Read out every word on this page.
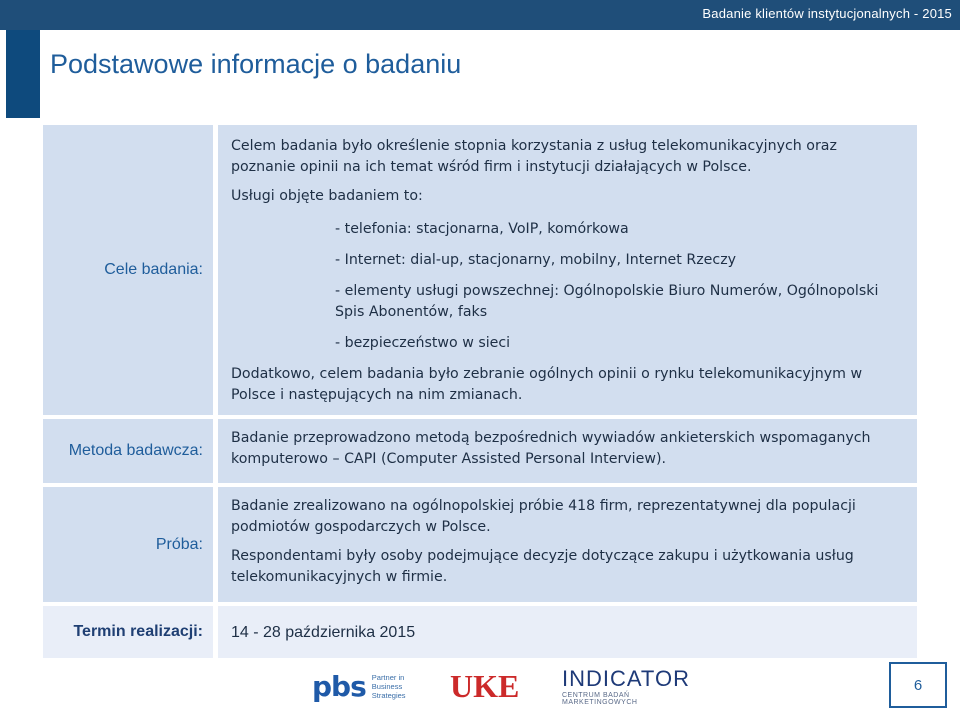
Badanie klientów instytucjonalnych - 2015
Podstawowe informacje o badaniu
Cele badania:

Celem badania było określenie stopnia korzystania z usług telekomunikacyjnych oraz

poznanie opinii na ich temat wśród firm i instytucji działających w Polsce.

Usługi objęte badaniem to:

- telefonia: stacjonarna, VoIP, komórkowa

- Internet: dial-up, stacjonarny, mobilny, Internet Rzeczy

- elementy usługi powszechnej: Ogólnopolskie Biuro Numerów, Ogólnopolski

Spis Abonentów, faks

- bezpieczeństwo w sieci

Dodatkowo, celem badania było zebranie ogólnych opinii o rynku telekomunikacyjnym w

Polsce i następujących na nim zmianach.

Metoda badawcza:

Badanie przeprowadzono metodą bezpośrednich wywiadów ankieterskich wspomaganych

komputerowo – CAPI (Computer Assisted Personal Interview).

Próba:

Badanie zrealizowano na ogólnopolskiej próbie 418 firm, reprezentatywnej dla populacji

podmiotów gospodarczych w Polsce.

Respondentami były osoby podejmujące decyzje dotyczące zakupu i użytkowania usług

telekomunikacyjnych w firmie.

Termin realizacji: 14 - 28 października 2015

pbs Partner in
Business
Strategies UKE INDICATOR
CENTRUM BADAŃ MARKETINGOWYCH
6
